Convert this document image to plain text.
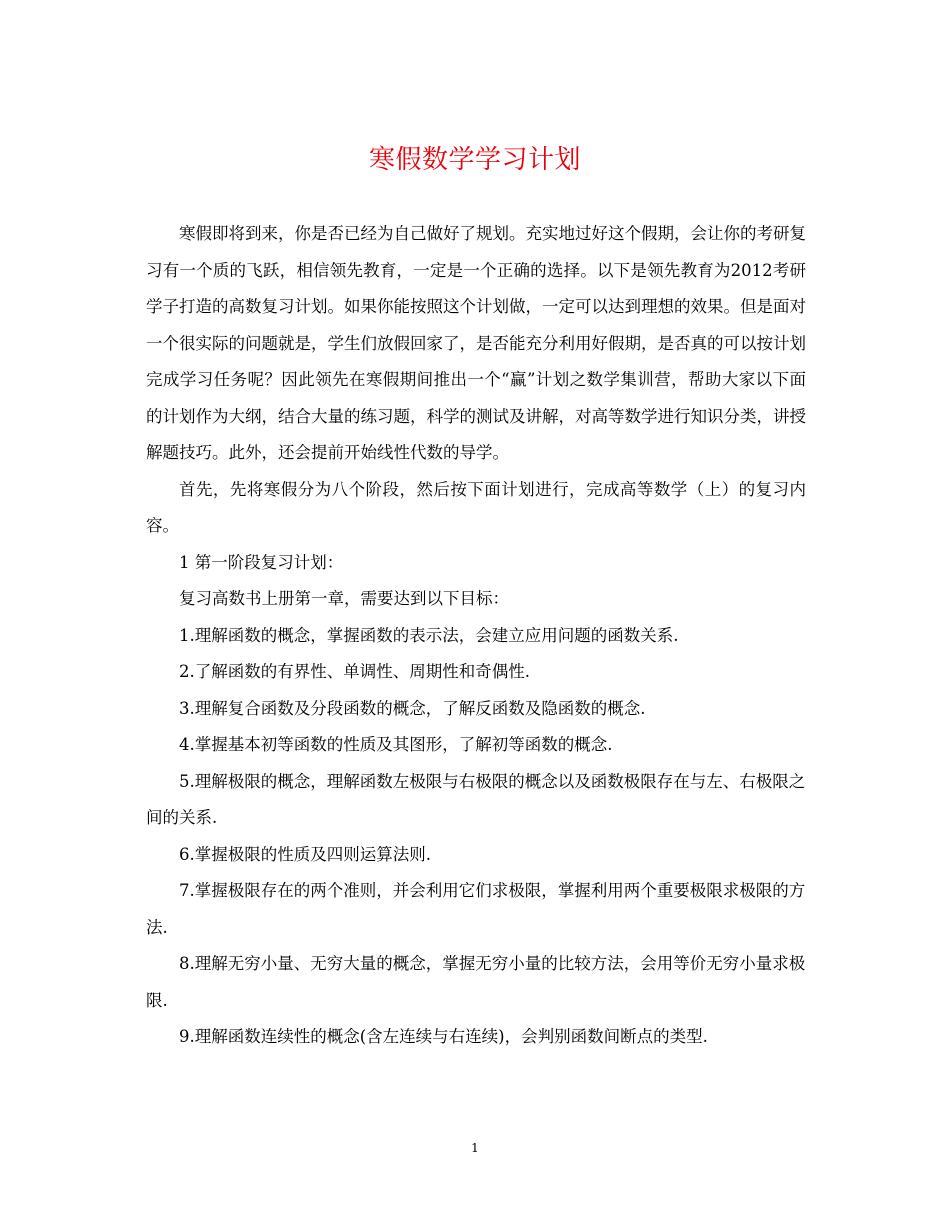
寒假数学学习计划

寒假即将到来，你是否已经为自己做好了规划。充实地过好这个假期，会让你的考研复习有一个质的飞跃，相信领先教育，一定是一个正确的选择。以下是领先教育为2012考研学子打造的高数复习计划。如果你能按照这个计划做，一定可以达到理想的效果。但是面对一个很实际的问题就是，学生们放假回家了，是否能充分利用好假期，是否真的可以按计划完成学习任务呢？因此领先在寒假期间推出一个“赢”计划之数学集训营，帮助大家以下面的计划作为大纲，结合大量的练习题，科学的测试及讲解，对高等数学进行知识分类，讲授解题技巧。此外，还会提前开始线性代数的导学。

首先，先将寒假分为八个阶段，然后按下面计划进行，完成高等数学（上）的复习内容。

1 第一阶段复习计划：

复习高数书上册第一章，需要达到以下目标：

1.理解函数的概念，掌握函数的表示法，会建立应用问题的函数关系.

2.了解函数的有界性、单调性、周期性和奇偶性.

3.理解复合函数及分段函数的概念，了解反函数及隐函数的概念.

4.掌握基本初等函数的性质及其图形，了解初等函数的概念.

5.理解极限的概念，理解函数左极限与右极限的概念以及函数极限存在与左、右极限之间的关系.

6.掌握极限的性质及四则运算法则.

7.掌握极限存在的两个准则，并会利用它们求极限，掌握利用两个重要极限求极限的方法.

8.理解无穷小量、无穷大量的概念，掌握无穷小量的比较方法，会用等价无穷小量求极限.

9.理解函数连续性的概念(含左连续与右连续)，会判别函数间断点的类型.

1
